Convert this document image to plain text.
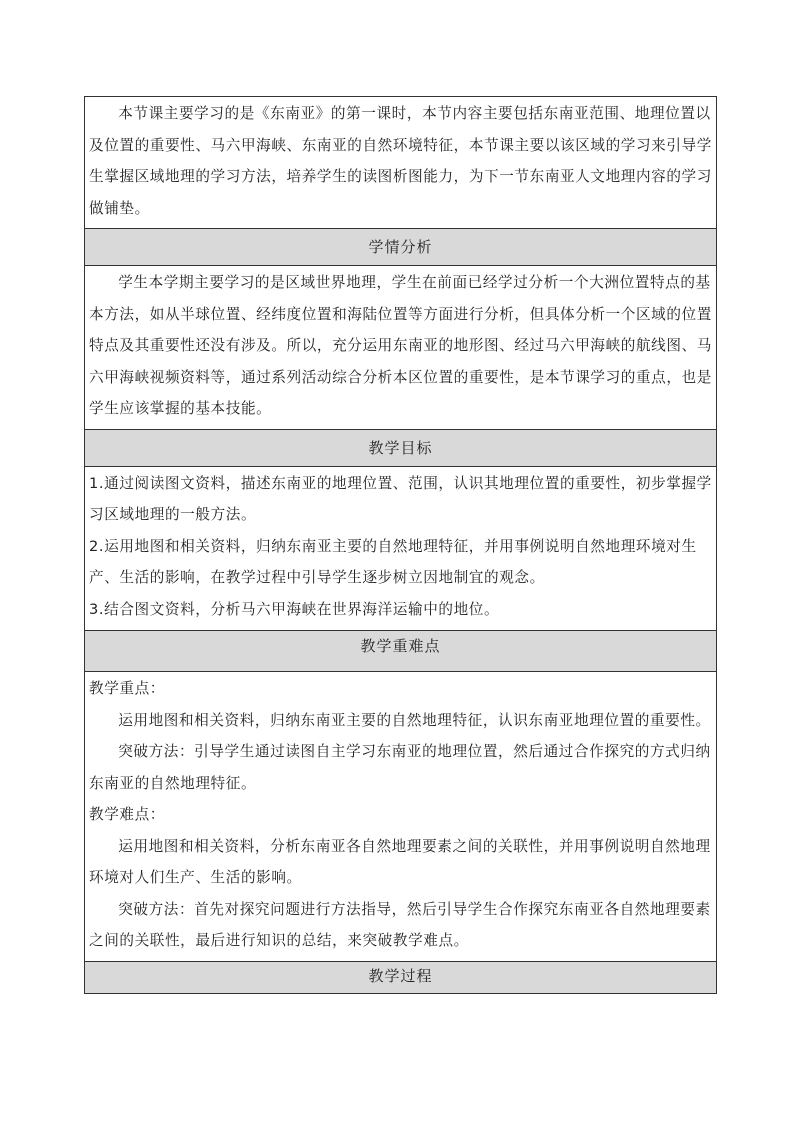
本节课主要学习的是《东南亚》的第一课时，本节内容主要包括东南亚范围、地理位置以及位置的重要性、马六甲海峡、东南亚的自然环境特征，本节课主要以该区域的学习来引导学生掌握区域地理的学习方法，培养学生的读图析图能力，为下一节东南亚人文地理内容的学习做铺垫。

学情分析

学生本学期主要学习的是区域世界地理，学生在前面已经学过分析一个大洲位置特点的基本方法，如从半球位置、经纬度位置和海陆位置等方面进行分析，但具体分析一个区域的位置特点及其重要性还没有涉及。所以，充分运用东南亚的地形图、经过马六甲海峡的航线图、马六甲海峡视频资料等，通过系列活动综合分析本区位置的重要性，是本节课学习的重点，也是学生应该掌握的基本技能。

教学目标

1.通过阅读图文资料，描述东南亚的地理位置、范围，认识其地理位置的重要性，初步掌握学习区域地理的一般方法。

2.运用地图和相关资料，归纳东南亚主要的自然地理特征，并用事例说明自然地理环境对生产、生活的影响，在教学过程中引导学生逐步树立因地制宜的观念。

3.结合图文资料，分析马六甲海峡在世界海洋运输中的地位。

教学重难点

教学重点：

运用地图和相关资料，归纳东南亚主要的自然地理特征，认识东南亚地理位置的重要性。

突破方法：引导学生通过读图自主学习东南亚的地理位置，然后通过合作探究的方式归纳东南亚的自然地理特征。

教学难点：

运用地图和相关资料，分析东南亚各自然地理要素之间的关联性，并用事例说明自然地理环境对人们生产、生活的影响。

突破方法：首先对探究问题进行方法指导，然后引导学生合作探究东南亚各自然地理要素之间的关联性，最后进行知识的总结，来突破教学难点。

教学过程
